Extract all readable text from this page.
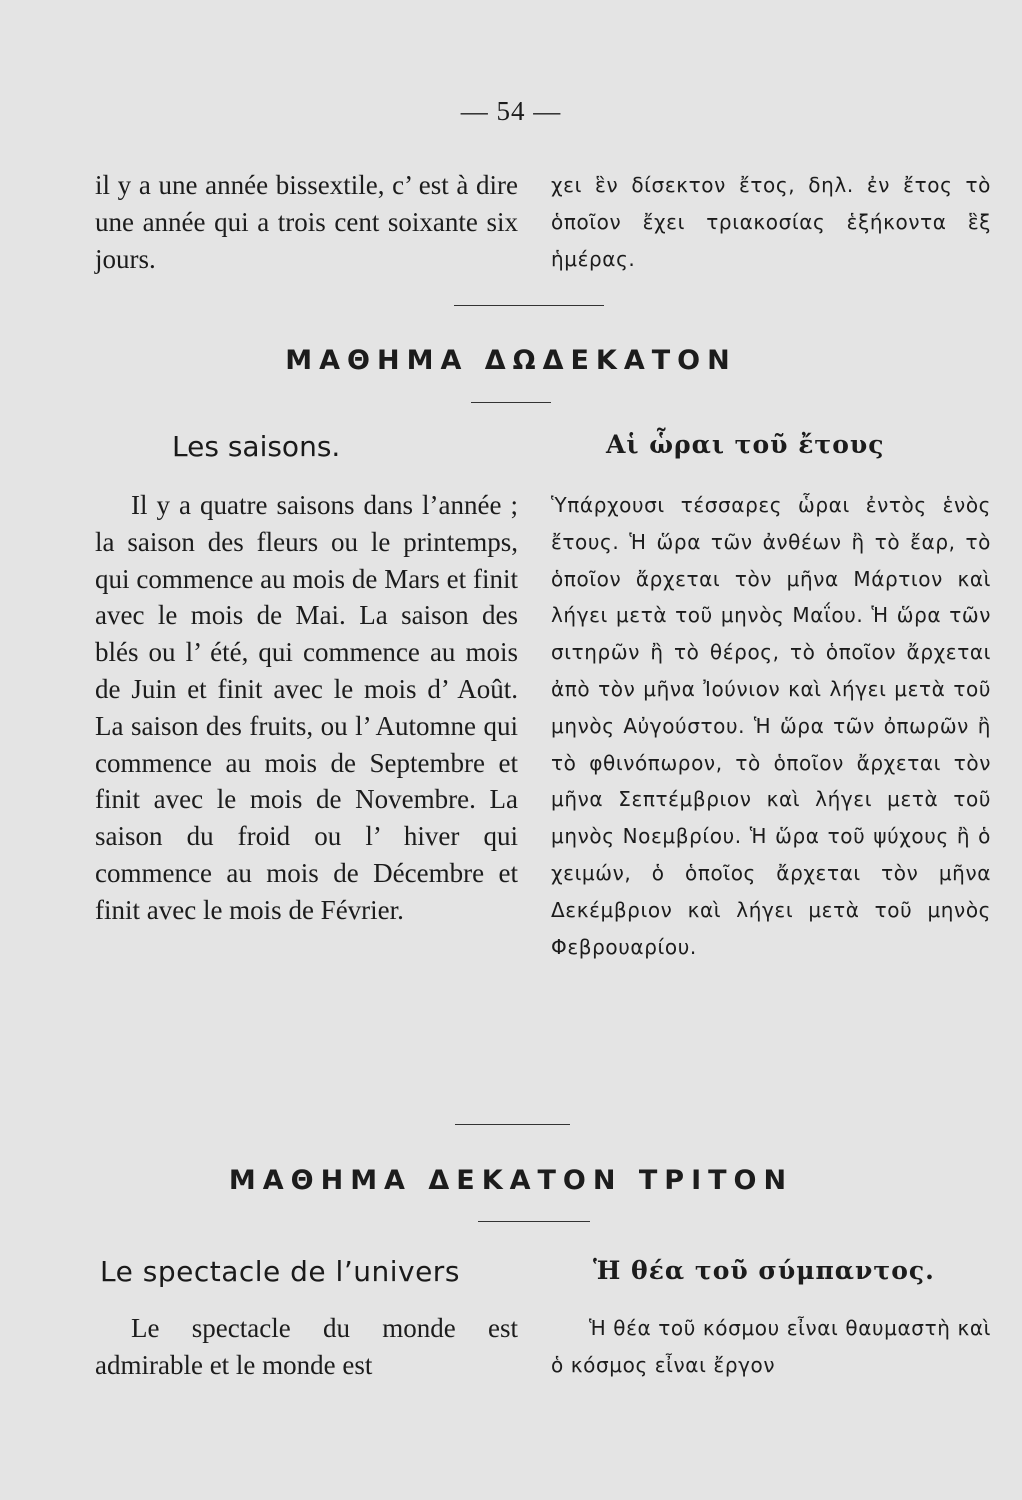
— 54 —

il y a une année bissextile, c’ est à dire une année qui a trois cent soixante six jours.

χει ἓν δίσεκτον ἔτος, δηλ. ἐν ἔτος τὸ ὁποῖον ἔχει τριακοσίας ἑξήκοντα ἓξ ἡμέρας.

ΜΑΘΗΜΑ ΔΩΔΕΚΑΤΟΝ
Les saisons.	Αἱ ὧραι τοῦ ἔτους

Il y a quatre saisons dans l’année ; la saison des fleurs ou le printemps, qui commence au mois de Mars et finit avec le mois de Mai. La saison des blés ou l’ été, qui commence au mois de Juin et finit avec le mois d’ Août. La saison des fruits, ou l’ Automne qui commence au mois de Septembre et finit avec le mois de Novembre. La saison du froid ou l’ hiver qui commence au mois de Décembre et finit avec le mois de Février.

Ὑπάρχουσι τέσσαρες ὧραι ἐντὸς ἑνὸς ἔτους. Ἡ ὥρα τῶν ἀνθέων ἢ τὸ ἔαρ, τὸ ὁποῖον ἄρχεται τὸν μῆνα Μάρτιον καὶ λήγει μετὰ τοῦ μηνὸς Μαΐου. Ἡ ὥρα τῶν σιτηρῶν ἢ τὸ θέρος, τὸ ὁποῖον ἄρχεται ἀπὸ τὸν μῆνα Ἰούνιον καὶ λήγει μετὰ τοῦ μηνὸς Αὐγούστου. Ἡ ὥρα τῶν ὀπωρῶν ἢ τὸ φθινόπωρον, τὸ ὁποῖον ἄρχεται τὸν μῆνα Σεπτέμβριον καὶ λήγει μετὰ τοῦ μηνὸς Νοεμβρίου. Ἡ ὥρα τοῦ ψύχους ἢ ὁ χειμών, ὁ ὁποῖος ἄρχεται τὸν μῆνα Δεκέμβριον καὶ λήγει μετὰ τοῦ μηνὸς Φεβρουαρίου.

ΜΑΘΗΜΑ ΔΕΚΑΤΟΝ ΤΡΙΤΟΝ
Le spectacle de l’univers	Ἡ θέα τοῦ σύμπαντος.

Le spectacle du monde est admirable et le monde est

Ἡ θέα τοῦ κόσμου εἶναι θαυμαστὴ καὶ ὁ κόσμος εἶναι ἔργον
